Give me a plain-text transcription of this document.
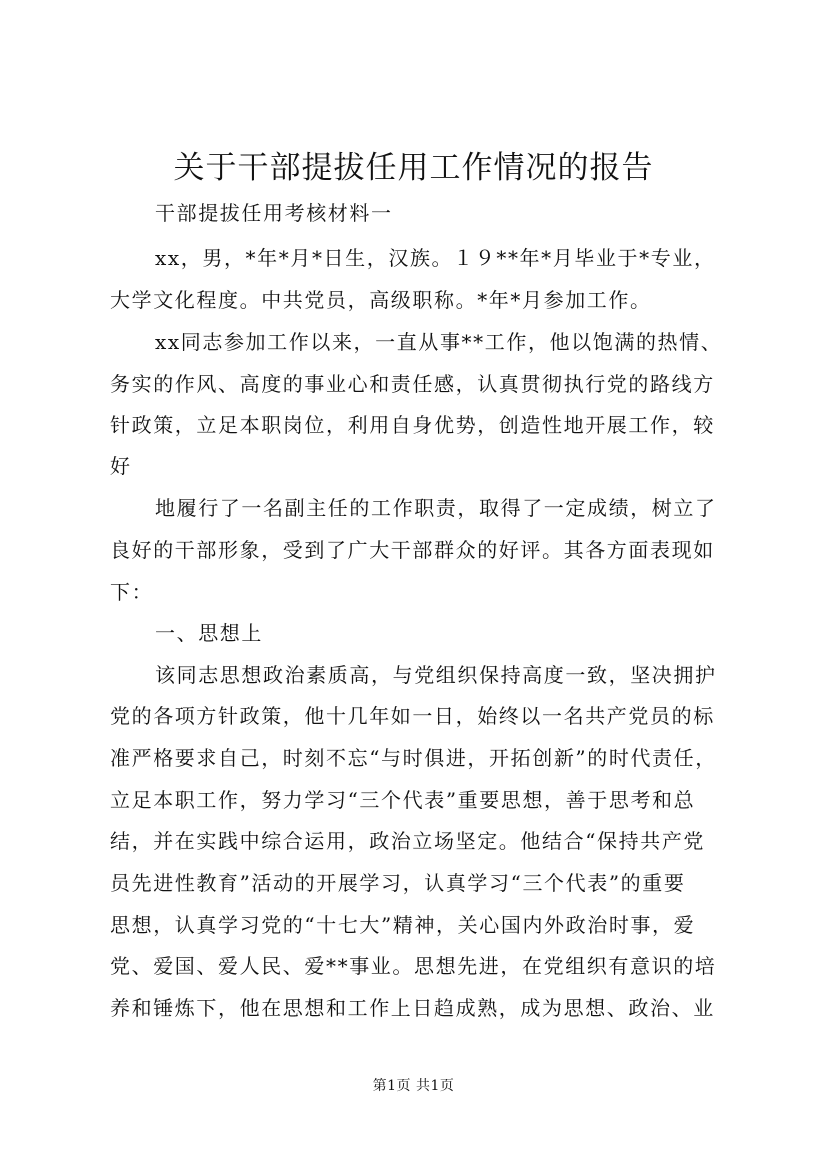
关于干部提拔任用工作情况的报告
干部提拔任用考核材料一
xx，男，*年*月*日生，汉族。１９**年*月毕业于*专业，
大学文化程度。中共党员，高级职称。*年*月参加工作。
xx同志参加工作以来，一直从事**工作，他以饱满的热情、
务实的作风、高度的事业心和责任感，认真贯彻执行党的路线方
针政策，立足本职岗位，利用自身优势，创造性地开展工作，较
好
地履行了一名副主任的工作职责，取得了一定成绩，树立了
良好的干部形象，受到了广大干部群众的好评。其各方面表现如
下：
一、思想上
该同志思想政治素质高，与党组织保持高度一致，坚决拥护
党的各项方针政策，他十几年如一日，始终以一名共产党员的标
准严格要求自己，时刻不忘“与时俱进，开拓创新”的时代责任，
立足本职工作，努力学习“三个代表”重要思想，善于思考和总
结，并在实践中综合运用，政治立场坚定。他结合“保持共产党
员先进性教育”活动的开展学习，认真学习“三个代表”的重要
思想，认真学习党的“十七大”精神，关心国内外政治时事，爱
党、爱国、爱人民、爱**事业。思想先进，在党组织有意识的培
养和锤炼下，他在思想和工作上日趋成熟，成为思想、政治、业
第1页 共1页
